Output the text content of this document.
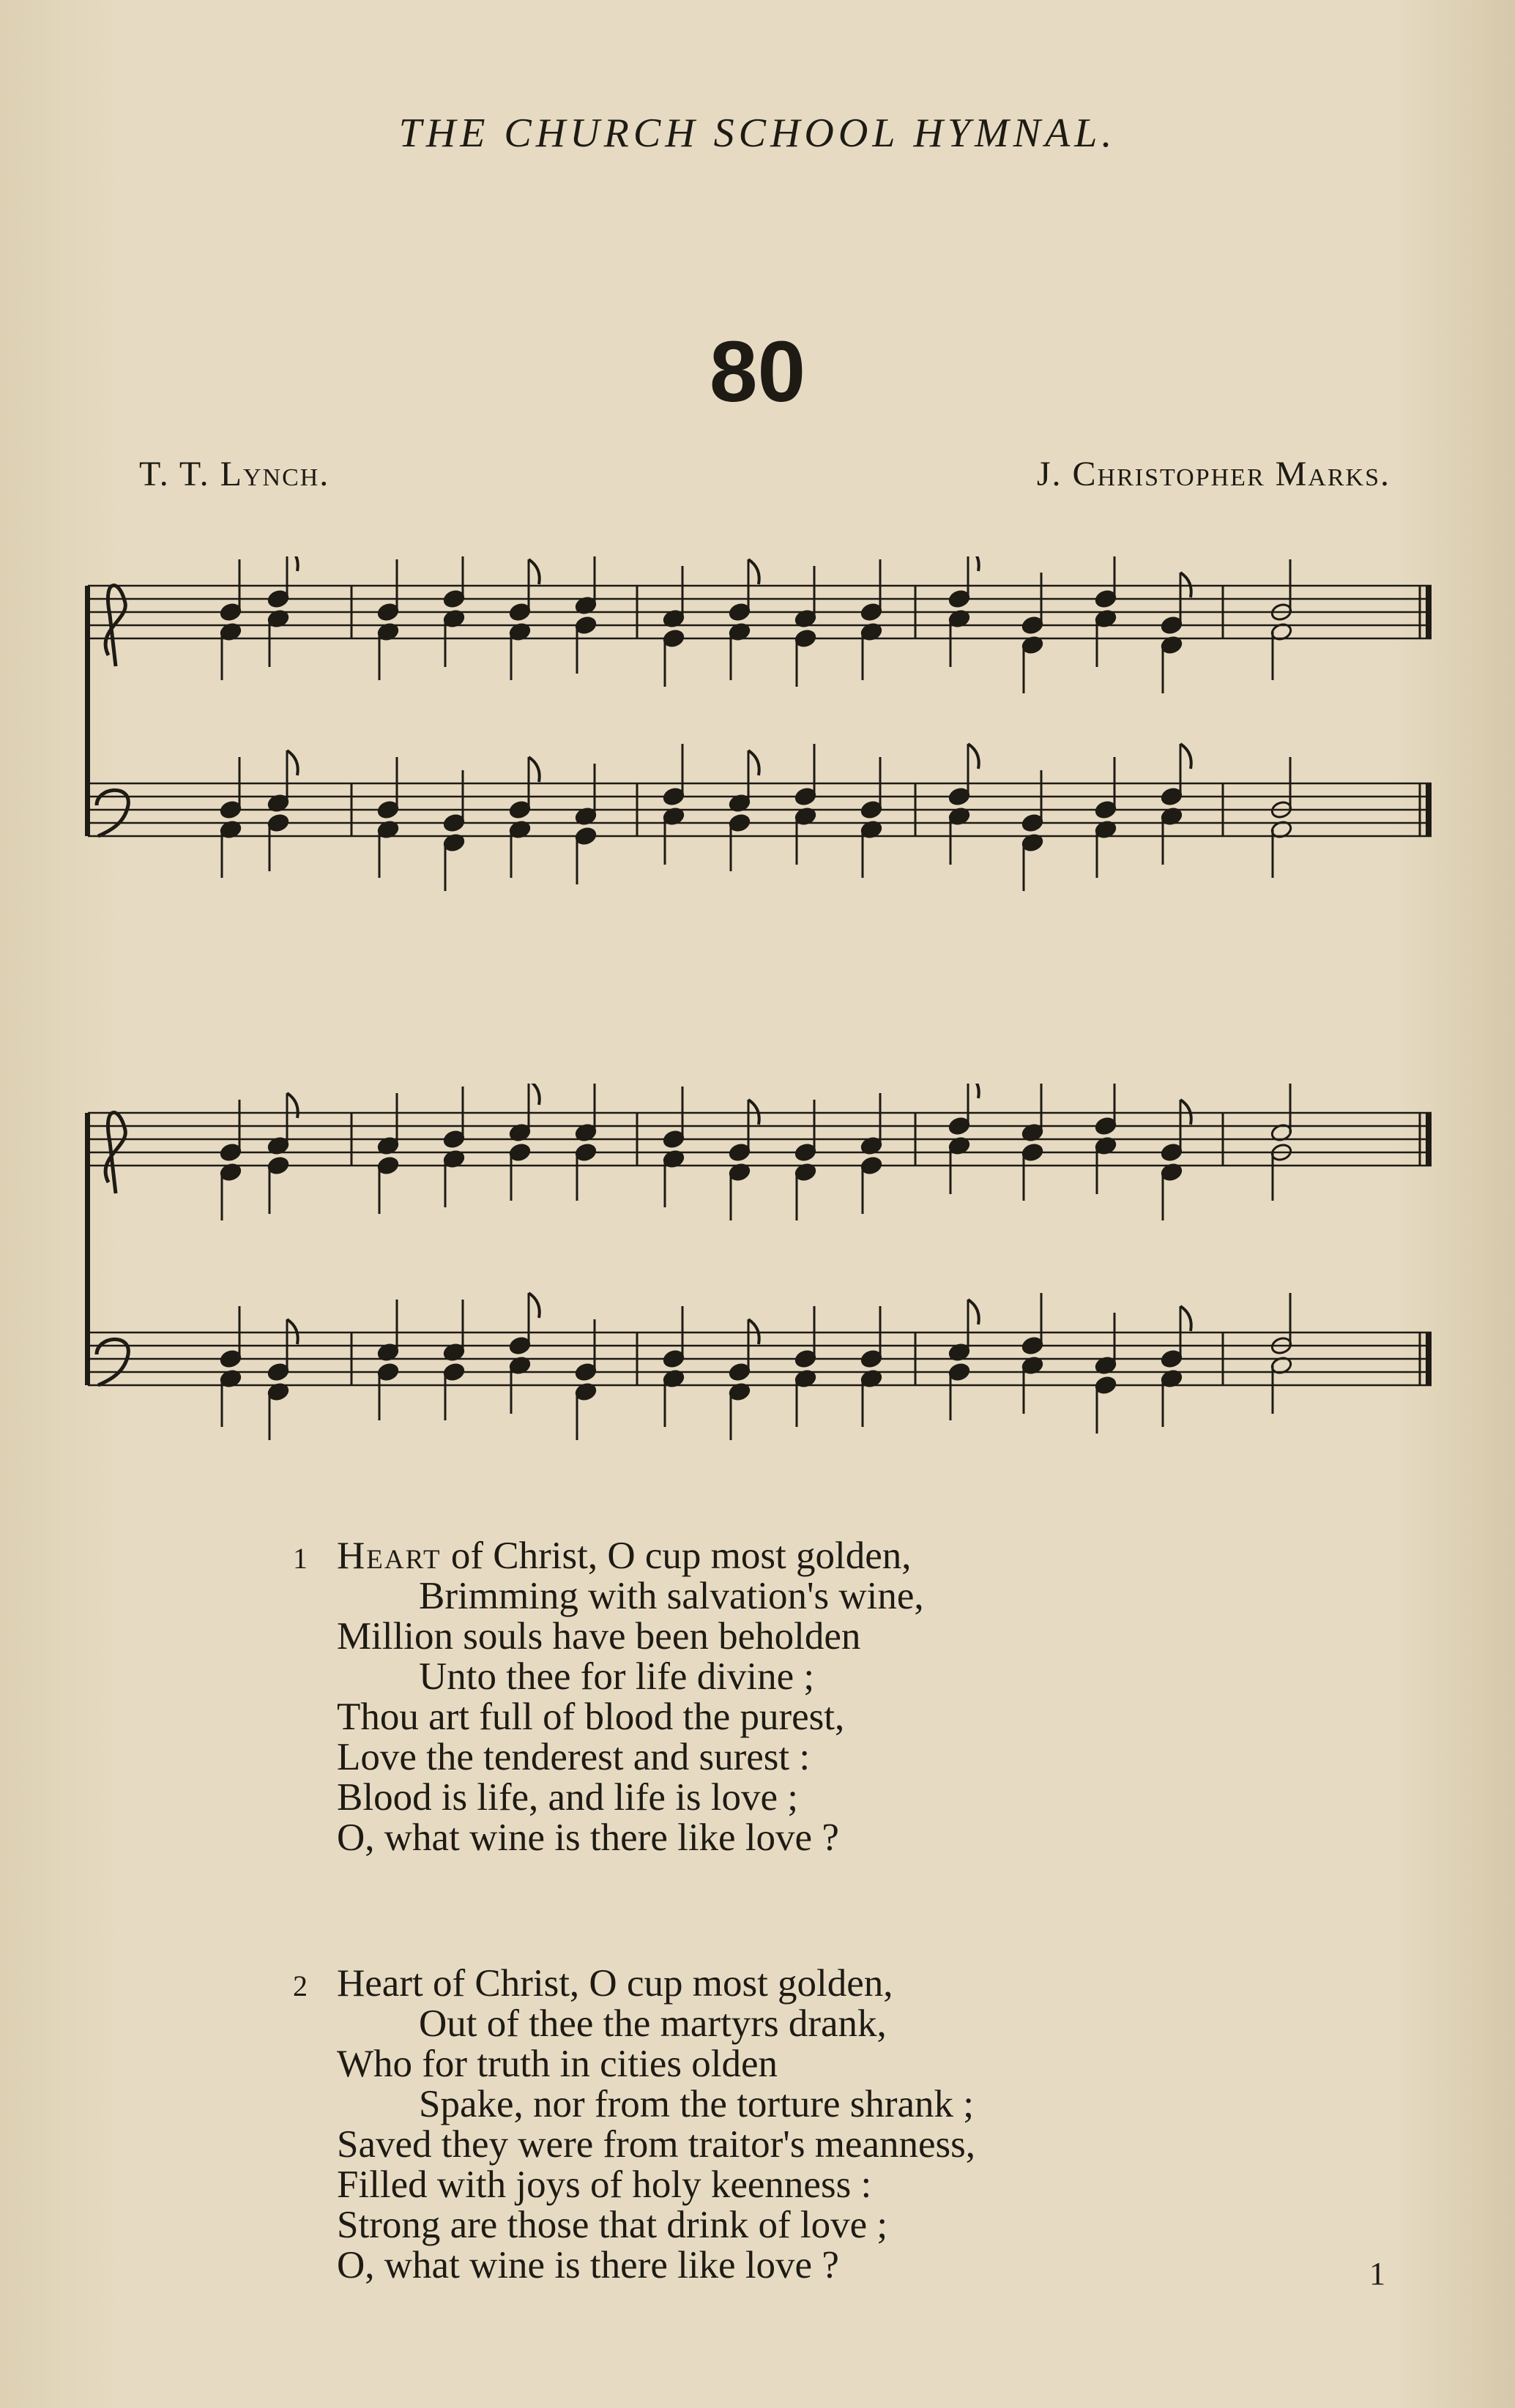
THE CHURCH SCHOOL HYMNAL.
80
T. T. Lynch.	J. Christopher Marks.
1 Heart of Christ, O cup most golden,
Brimming with salvation's wine,
Million souls have been beholden
Unto thee for life divine ;
Thou art full of blood the purest,
Love the tenderest and surest :
Blood is life, and life is love ;
O, what wine is there like love ?
2 Heart of Christ, O cup most golden,
Out of thee the martyrs drank,
Who for truth in cities olden
Spake, nor from the torture shrank ;
Saved they were from traitor's meanness,
Filled with joys of holy keenness :
Strong are those that drink of love ;
O, what wine is there like love ?	1
